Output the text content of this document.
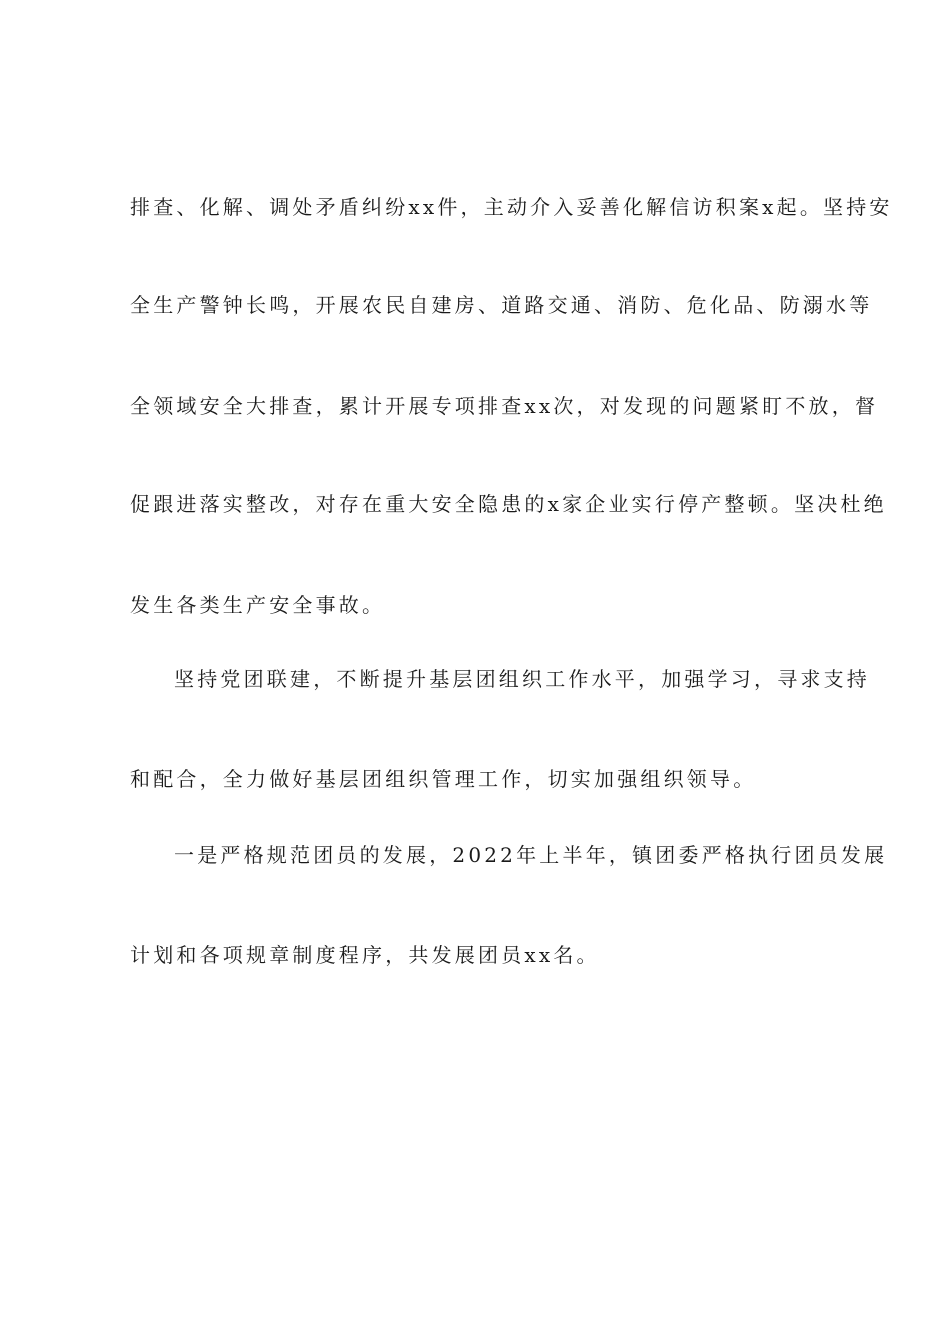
排查、化解、调处矛盾纠纷xx件，主动介入妥善化解信访积案x起。坚持安
全生产警钟长鸣，开展农民自建房、道路交通、消防、危化品、防溺水等
全领域安全大排查，累计开展专项排查xx次，对发现的问题紧盯不放，督
促跟进落实整改，对存在重大安全隐患的x家企业实行停产整顿。坚决杜绝
发生各类生产安全事故。
坚持党团联建，不断提升基层团组织工作水平，加强学习，寻求支持
和配合，全力做好基层团组织管理工作，切实加强组织领导。
一是严格规范团员的发展，2022年上半年，镇团委严格执行团员发展
计划和各项规章制度程序，共发展团员xx名。
